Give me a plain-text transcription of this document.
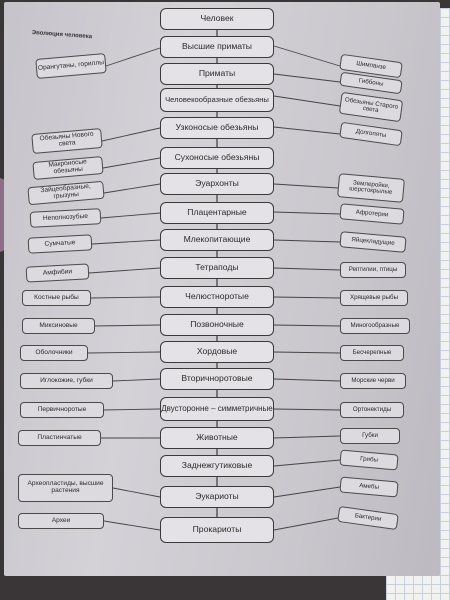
Эволюция человека
Человек
Высшие приматы
Приматы
Человекообразные обезьяны
Узконосые обезьяны
Сухоносые обезьяны
Эуархонты
Плацентарные
Млекопитающие
Тетраподы
Челюстноротые
Позвоночные
Хордовые
Вторичноротовые
Двусторонне – симметричные
Животные
Заднежгутиковые
Эукариоты
Прокариоты
Орангутаны, гориллы
Обезьяны Нового света
Макроносые обезьяны
Зайцеобразные, грызуны
Неполнозубые
Сумчатые
Амфибии
Костные рыбы
Миксиновые
Оболочники
Иглокожие, губки
Первичноротые
Пластинчатые
Археопластиды, высшие растения
Археи
Шимпанзе
Гиббоны
Обезьяны Старого света
Долгопяты
Землеройки, шерстокрылые
Афротерии
Яйцекладущие
Рептилии, птицы
Хрящевые рыбы
Миногообразные
Бесчерепные
Морские черви
Ортонектиды
Губки
Грибы
Амебы
Бактерии
